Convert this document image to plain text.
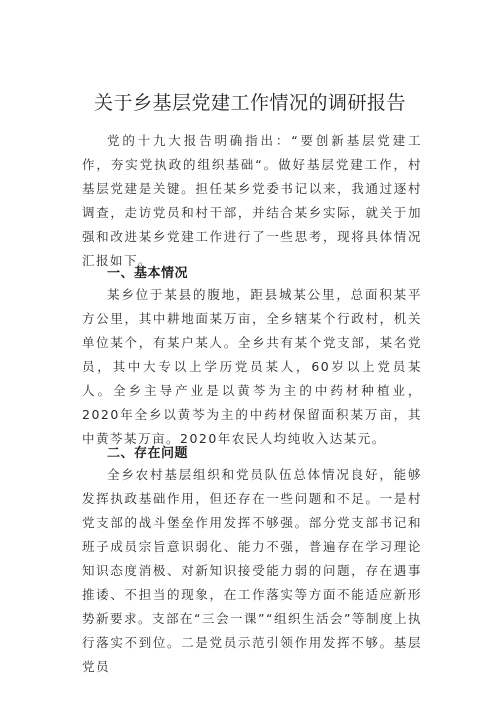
关于乡基层党建工作情况的调研报告

党的十九大报告明确指出：“要创新基层党建工作，夯实党执政的组织基础“。做好基层党建工作，村基层党建是关键。担任某乡党委书记以来，我通过逐村调查，走访党员和村干部，并结合某乡实际，就关于加强和改进某乡党建工作进行了一些思考，现将具体情况汇报如下。

一、基本情况

某乡位于某县的腹地，距县城某公里，总面积某平方公里，其中耕地面某万亩，全乡辖某个行政村，机关单位某个，有某户某人。全乡共有某个党支部，某名党员，其中大专以上学历党员某人，60岁以上党员某人。全乡主导产业是以黄芩为主的中药材种植业，2020年全乡以黄芩为主的中药材保留面积某万亩，其中黄芩某万亩。2020年农民人均纯收入达某元。

二、存在问题

全乡农村基层组织和党员队伍总体情况良好，能够发挥执政基础作用，但还存在一些问题和不足。一是村党支部的战斗堡垒作用发挥不够强。部分党支部书记和班子成员宗旨意识弱化、能力不强，普遍存在学习理论知识态度消极、对新知识接受能力弱的问题，存在遇事推诿、不担当的现象，在工作落实等方面不能适应新形势新要求。支部在“三会一课”“组织生活会”等制度上执行落实不到位。二是党员示范引领作用发挥不够。基层党员
